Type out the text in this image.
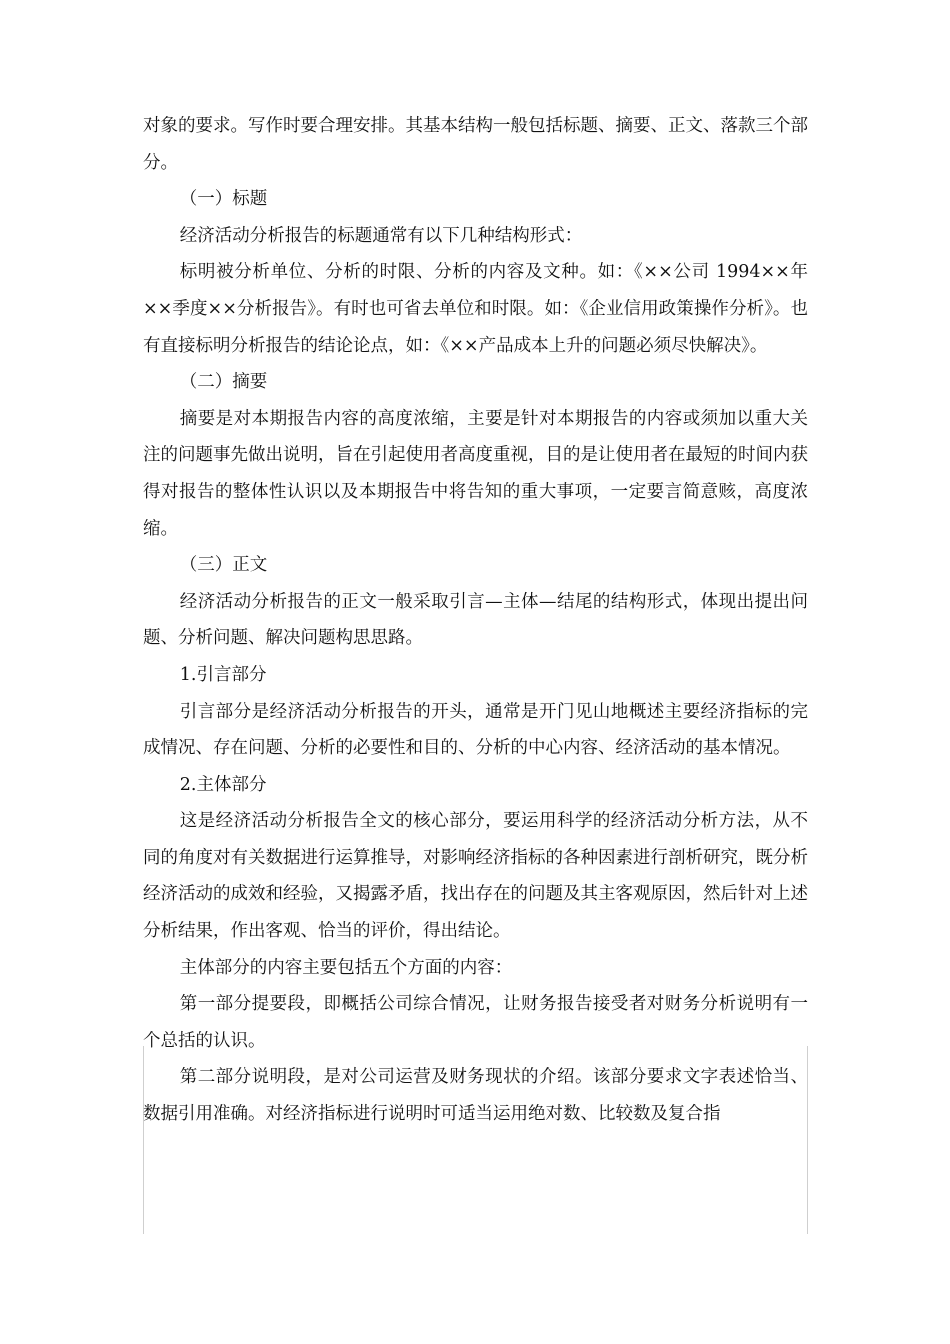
对象的要求。写作时要合理安排。其基本结构一般包括标题、摘要、正文、落款三个部分。

（一）标题

经济活动分析报告的标题通常有以下几种结构形式：

标明被分析单位、分析的时限、分析的内容及文种。如：《××公司 1994××年××季度××分析报告》。有时也可省去单位和时限。如：《企业信用政策操作分析》。也有直接标明分析报告的结论论点，如：《××产品成本上升的问题必须尽快解决》。

（二）摘要

摘要是对本期报告内容的高度浓缩，主要是针对本期报告的内容或须加以重大关注的问题事先做出说明，旨在引起使用者高度重视，目的是让使用者在最短的时间内获得对报告的整体性认识以及本期报告中将告知的重大事项，一定要言简意赅，高度浓缩。

（三）正文

经济活动分析报告的正文一般采取引言—主体—结尾的结构形式，体现出提出问题、分析问题、解决问题构思思路。

1.引言部分

引言部分是经济活动分析报告的开头，通常是开门见山地概述主要经济指标的完成情况、存在问题、分析的必要性和目的、分析的中心内容、经济活动的基本情况。

2.主体部分

这是经济活动分析报告全文的核心部分，要运用科学的经济活动分析方法，从不同的角度对有关数据进行运算推导，对影响经济指标的各种因素进行剖析研究，既分析经济活动的成效和经验，又揭露矛盾，找出存在的问题及其主客观原因，然后针对上述分析结果，作出客观、恰当的评价，得出结论。

主体部分的内容主要包括五个方面的内容：

第一部分提要段，即概括公司综合情况，让财务报告接受者对财务分析说明有一个总括的认识。

第二部分说明段，是对公司运营及财务现状的介绍。该部分要求文字表述恰当、数据引用准确。对经济指标进行说明时可适当运用绝对数、比较数及复合指
